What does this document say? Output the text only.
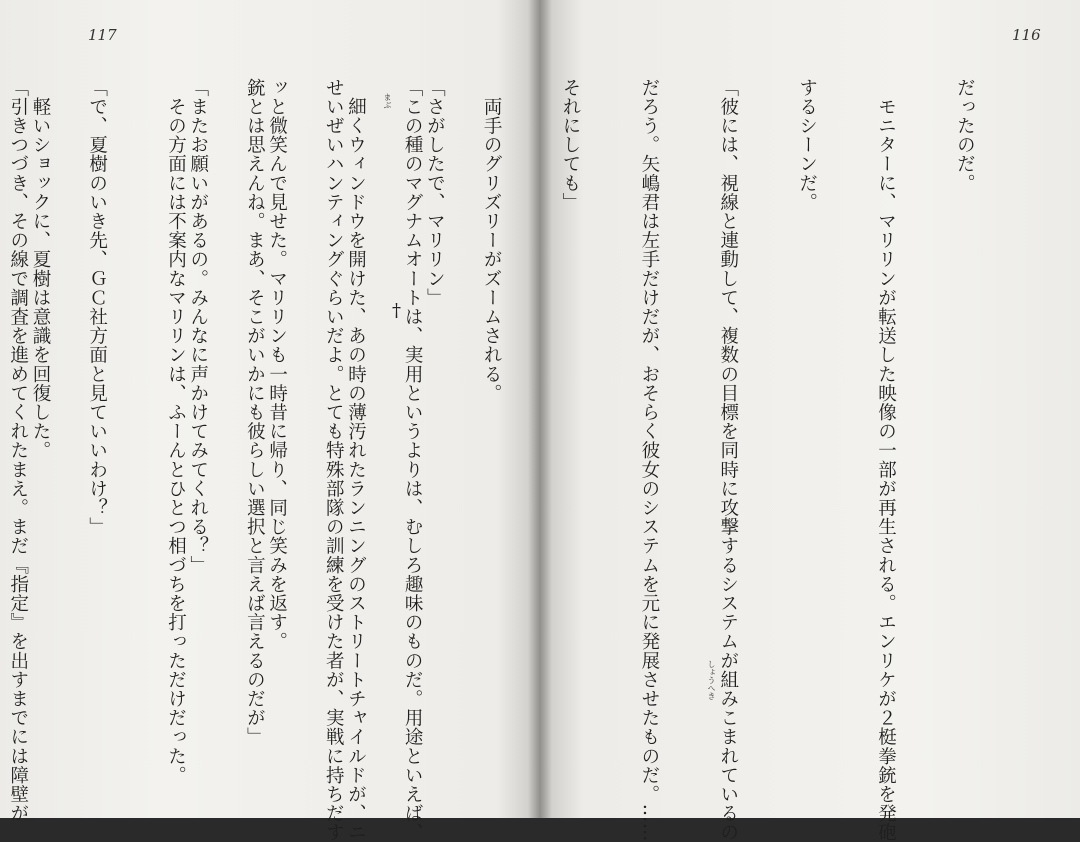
117	116

だったのだ。

　モニターに、マリリンが転送した映像の一部が再生される。エンリケが２梃拳銃を発砲

するシーンだ。

「彼には、視線と連動して、複数の目標を同時に攻撃するシステムが組みこまれているの

だろう。矢嶋君は左手だけだが、おそらく彼女のシステムを元に発展させたものだ。……

それにしても」

　両手のグリズリーがズームされる。

「この種のマグナムオートは、実用というよりは、むしろ趣味のものだ。用途といえば、

せいぜいハンティングぐらいだよ。とても特殊部隊の訓練を受けた者が、実戦に持ちだす

銃とは思えんね。まあ、そこがいかにも彼らしい選択と言えば言えるのだが」

　その方面には不案内なマリリンは、ふーんとひとつ相づちを打っただけだった。

「で、夏樹のいき先、ＧＣ社方面と見ていいわけ？」

「引きつづき、その線で調査を進めてくれたまえ。まだ『指定』を出すまでには障壁が

	しょうへき

「さがしたで、マリリン」

　細くウィンドウを開けた、あの時の薄汚れたランニングのストリートチャイルドが、ニ

ッと微笑んで見せた。マリリンも一時昔に帰り、同じ笑みを返す。

「またお願いがあるの。みんなに声かけてみてくれる？」

　軽いショックに、夏樹は意識を回復した。

	まぶ
†
